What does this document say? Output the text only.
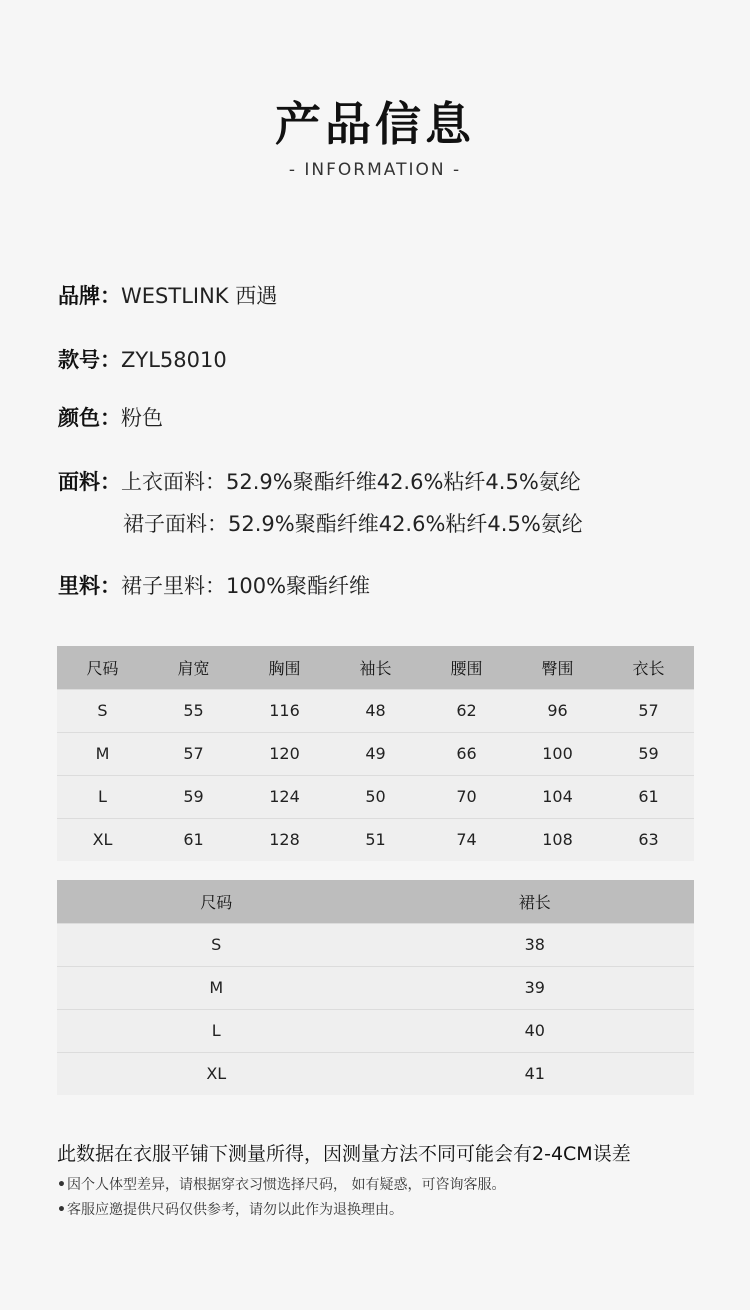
产品信息
- INFORMATION -
品牌：WESTLINK 西遇
款号：ZYL58010
颜色：粉色
面料：上衣面料：52.9%聚酯纤维42.6%粘纤4.5%氨纶
裙子面料：52.9%聚酯纤维42.6%粘纤4.5%氨纶
里料：裙子里料：100%聚酯纤维
尺码	肩宽	胸围	袖长	腰围	臀围	衣长
S	55	116	48	62	96	57
M	57	120	49	66	100	59
L	59	124	50	70	104	61
XL	61	128	51	74	108	63
尺码	裙长
S	38
M	39
L	40
XL	41
此数据在衣服平铺下测量所得，因测量方法不同可能会有2-4CM误差
•因个人体型差异，请根据穿衣习惯选择尺码， 如有疑惑，可咨询客服。
•客服应邀提供尺码仅供参考，请勿以此作为退换理由。
